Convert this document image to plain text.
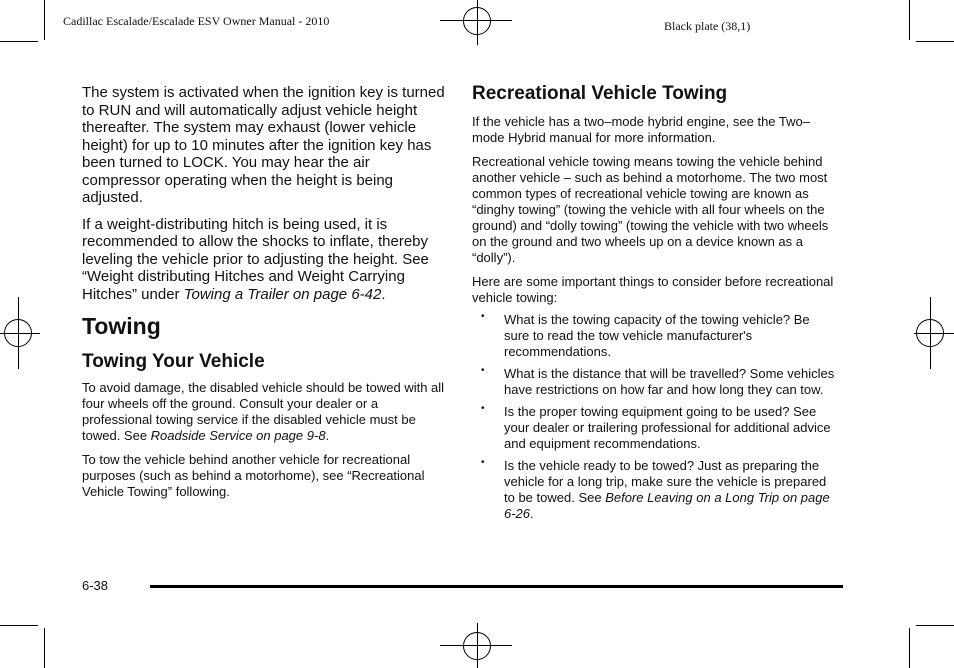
Cadillac Escalade/Escalade ESV Owner Manual - 2010	Black plate (38,1)

The system is activated when the ignition key is turned to RUN and will automatically adjust vehicle height thereafter. The system may exhaust (lower vehicle height) for up to 10 minutes after the ignition key has been turned to LOCK. You may hear the air compressor operating when the height is being adjusted.

If a weight-distributing hitch is being used, it is recommended to allow the shocks to inflate, thereby leveling the vehicle prior to adjusting the height. See “Weight distributing Hitches and Weight Carrying Hitches” under Towing a Trailer on page 6-42.

Towing
Towing Your Vehicle

To avoid damage, the disabled vehicle should be towed with all four wheels off the ground. Consult your dealer or a professional towing service if the disabled vehicle must be towed. See Roadside Service on page 9-8.

To tow the vehicle behind another vehicle for recreational purposes (such as behind a motorhome), see “Recreational Vehicle Towing” following.

Recreational Vehicle Towing

If the vehicle has a two–mode hybrid engine, see the Two–mode Hybrid manual for more information.

Recreational vehicle towing means towing the vehicle behind another vehicle – such as behind a motorhome. The two most common types of recreational vehicle towing are known as “dinghy towing” (towing the vehicle with all four wheels on the ground) and “dolly towing” (towing the vehicle with two wheels on the ground and two wheels up on a device known as a “dolly”).

Here are some important things to consider before recreational vehicle towing:

• What is the towing capacity of the towing vehicle? Be sure to read the tow vehicle manufacturer's recommendations.
• What is the distance that will be travelled? Some vehicles have restrictions on how far and how long they can tow.
• Is the proper towing equipment going to be used? See your dealer or trailering professional for additional advice and equipment recommendations.
• Is the vehicle ready to be towed? Just as preparing the vehicle for a long trip, make sure the vehicle is prepared to be towed. See Before Leaving on a Long Trip on page 6-26.
6-38
